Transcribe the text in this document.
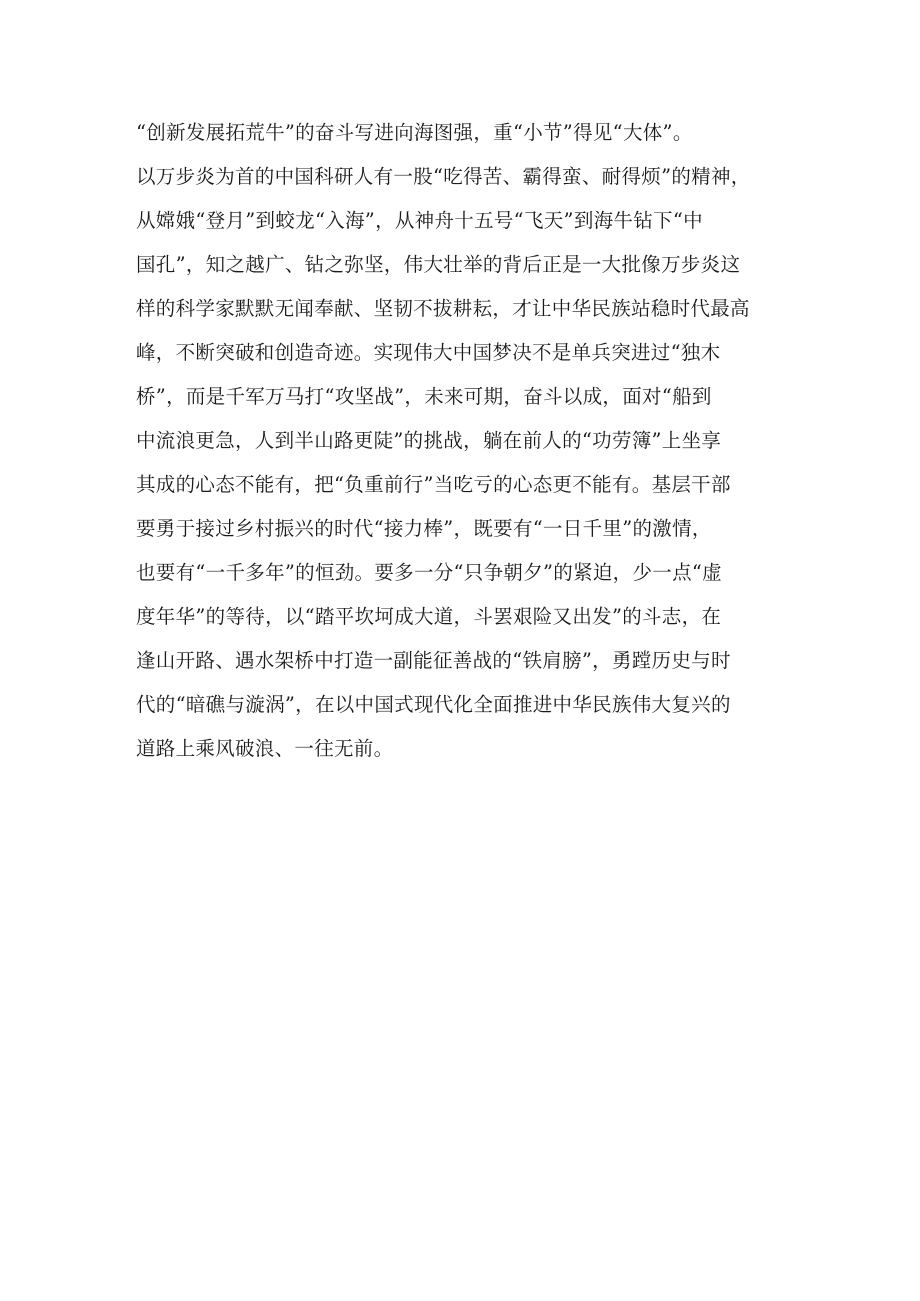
“创新发展拓荒牛”的奋斗写进向海图强，重“小节”得见“大体”。
以万步炎为首的中国科研人有一股“吃得苦、霸得蛮、耐得烦”的精神，
从嫦娥“登月”到蛟龙“入海”，从神舟十五号“飞天”到海牛钻下“中
国孔”，知之越广、钻之弥坚，伟大壮举的背后正是一大批像万步炎这
样的科学家默默无闻奉献、坚韧不拔耕耘，才让中华民族站稳时代最高
峰，不断突破和创造奇迹。实现伟大中国梦决不是单兵突进过“独木
桥”，而是千军万马打“攻坚战”，未来可期，奋斗以成，面对“船到
中流浪更急，人到半山路更陡”的挑战，躺在前人的“功劳簿”上坐享
其成的心态不能有，把“负重前行”当吃亏的心态更不能有。基层干部
要勇于接过乡村振兴的时代“接力棒”，既要有“一日千里”的激情，
也要有“一千多年”的恒劲。要多一分“只争朝夕”的紧迫，少一点“虚
度年华”的等待，以“踏平坎坷成大道，斗罢艰险又出发”的斗志，在
逢山开路、遇水架桥中打造一副能征善战的“铁肩膀”，勇蹚历史与时
代的“暗礁与漩涡”，在以中国式现代化全面推进中华民族伟大复兴的
道路上乘风破浪、一往无前。
